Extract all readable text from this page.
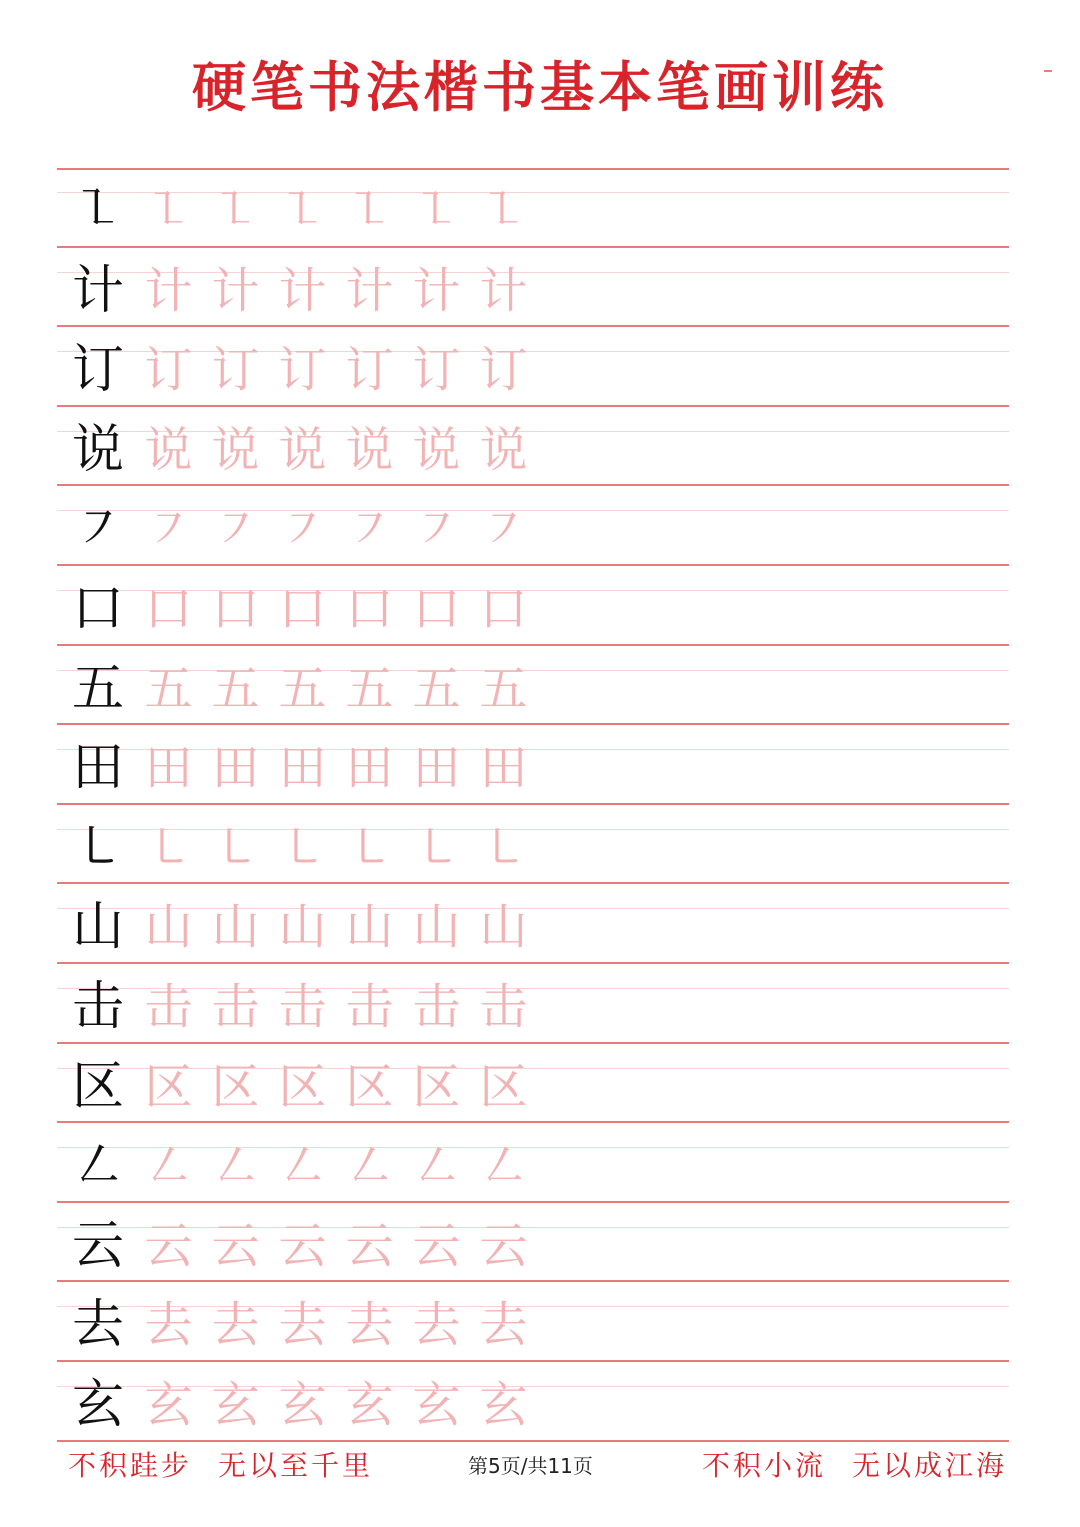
硬笔书法楷书基本笔画训练
㇅ ㇅ ㇅ ㇅ ㇅ ㇅ ㇅
计 计 计 计 计 计 计
订 订 订 订 订 订 订
说 说 说 说 说 说 说
㇇ ㇇ ㇇ ㇇ ㇇ ㇇ ㇇
口 口 口 口 口 口 口
五 五 五 五 五 五 五
田 田 田 田 田 田 田
㇄ ㇄ ㇄ ㇄ ㇄ ㇄ ㇄
山 山 山 山 山 山 山
击 击 击 击 击 击 击
区 区 区 区 区 区 区
㇜ ㇜ ㇜ ㇜ ㇜ ㇜ ㇜
云 云 云 云 云 云 云
去 去 去 去 去 去 去
玄 玄 玄 玄 玄 玄 玄
不积跬步 无以至千里	第5页/共11页	不积小流 无以成江海
